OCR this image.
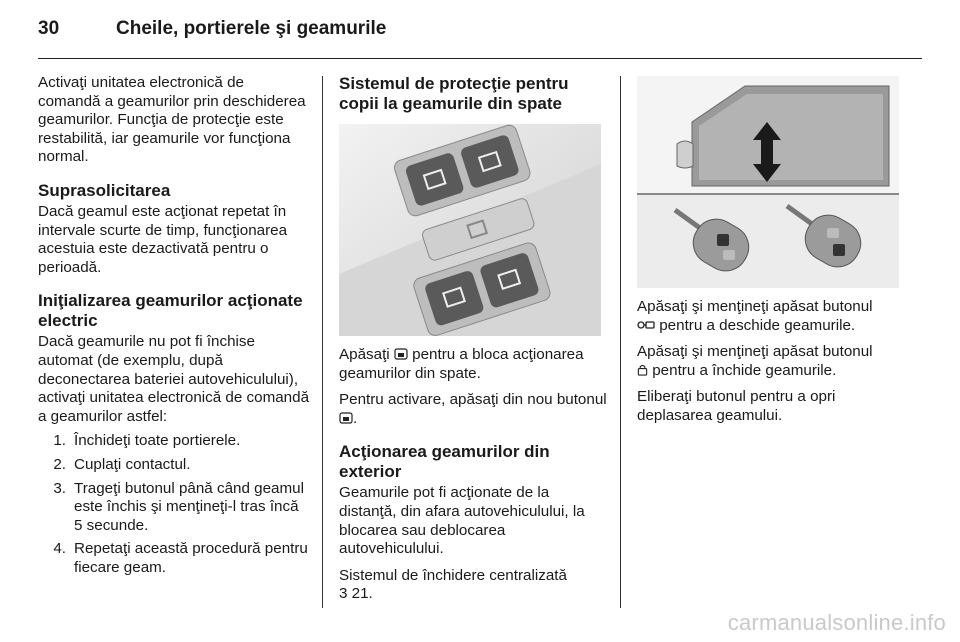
30	Cheile, portierele şi geamurile

Activaţi unitatea electronică de comandă a geamurilor prin deschiderea geamurilor. Funcţia de protecţie este restabilită, iar geamurile vor funcţiona normal.

Suprasolicitarea

Dacă geamul este acţionat repetat în intervale scurte de timp, funcţionarea acestuia este dezactivată pentru o perioadă.

Iniţializarea geamurilor acţionate electric

Dacă geamurile nu pot fi închise automat (de exemplu, după deconectarea bateriei autovehiculului), activaţi unitatea electronică de comandă a geamurilor astfel:

1. Închideţi toate portierele.
2. Cuplaţi contactul.
3. Trageţi butonul până când geamul este închis şi menţineţi-l tras încă 5 secunde.
4. Repetaţi această procedură pentru fiecare geam.
Sistemul de protecţie pentru copii la geamurile din spate

Apăsaţi pentru a bloca acţionarea geamurilor din spate.

Pentru activare, apăsaţi din nou butonul .

Acţionarea geamurilor din exterior

Geamurile pot fi acţionate de la distanţă, din afara autovehiculului, la blocarea sau deblocarea autovehiculului.

Sistemul de închidere centralizată
3 21.

Apăsaţi şi menţineţi apăsat butonul
pentru a deschide geamurile.

Apăsaţi şi menţineţi apăsat butonul
pentru a închide geamurile.

Eliberaţi butonul pentru a opri deplasarea geamului.

carmanualsonline.info
